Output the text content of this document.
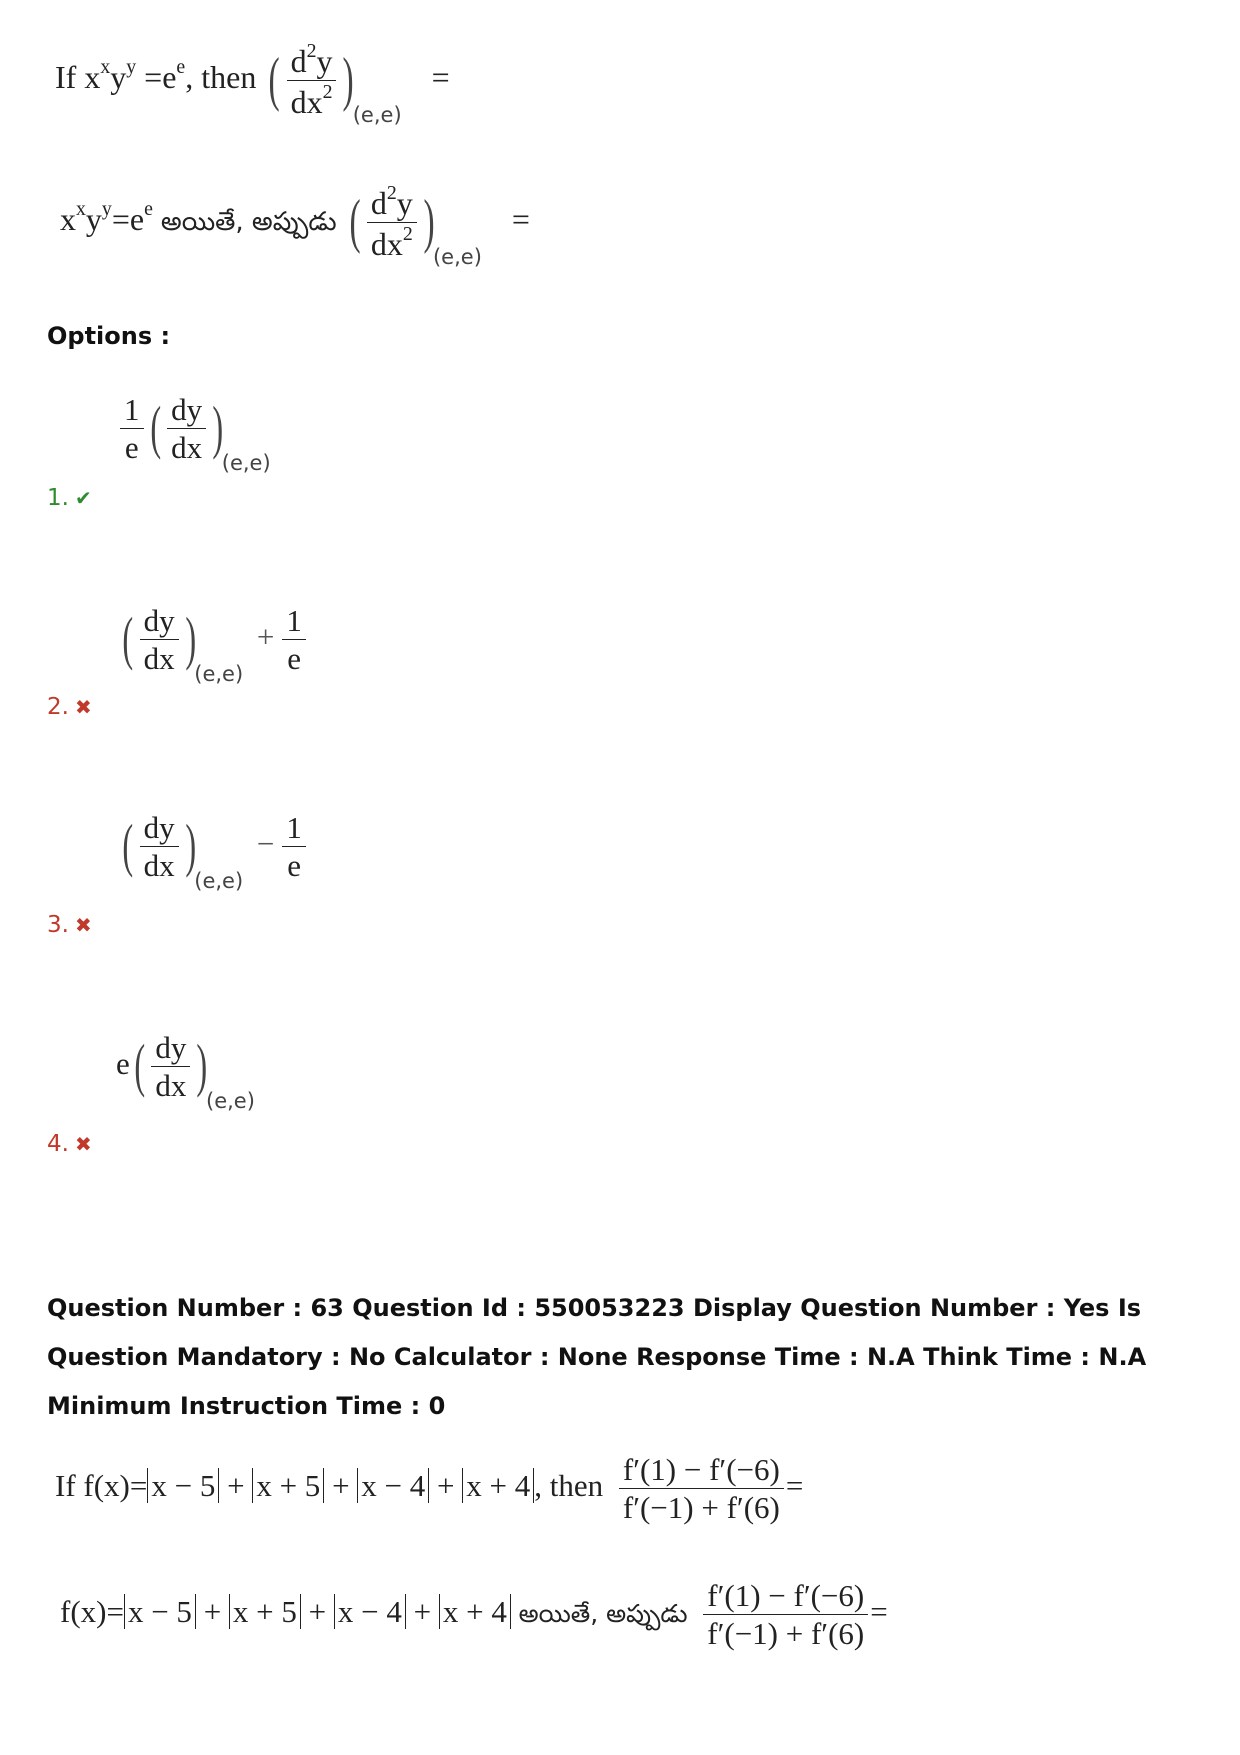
If $x^xy^y =e^e$, then ( $\frac{d^2y}{dx^2} )_{(e,e)}$ =
$x^xy^y=e^e$ అయితే, అప్పుడు ( $\frac{d^2y}{dx^2} )_{(e,e)}$ =
Options :
$\frac{1}{e}$ ( $\frac{dy}{dx} )_{(e,e)}$
1. ✔
( $\frac{dy}{dx} )_{(e,e)} + \frac{1}{e}$
2. ✖
( $\frac{dy}{dx} )_{(e,e)} - \frac{1}{e}$
3. ✖
$e( \frac{dy}{dx} )_{(e,e)}$
4. ✖
Question Number : 63 Question Id : 550053223 Display Question Number : Yes Is Question Mandatory : No Calculator : None Response Time : N.A Think Time : N.A Minimum Instruction Time : 0
If f(x)= x − 5 + x + 5 + x − 4 + x + 4 , then $\frac{f'(1) - f'(-6)}{f'(-1) + f'(6)}$ =
f(x)= x − 5 + x + 5 + x − 4 + x + 4 అయితే, అప్పుడు $\frac{f'(1) - f'(-6)}{f'(-1) + f'(6)}$ =
